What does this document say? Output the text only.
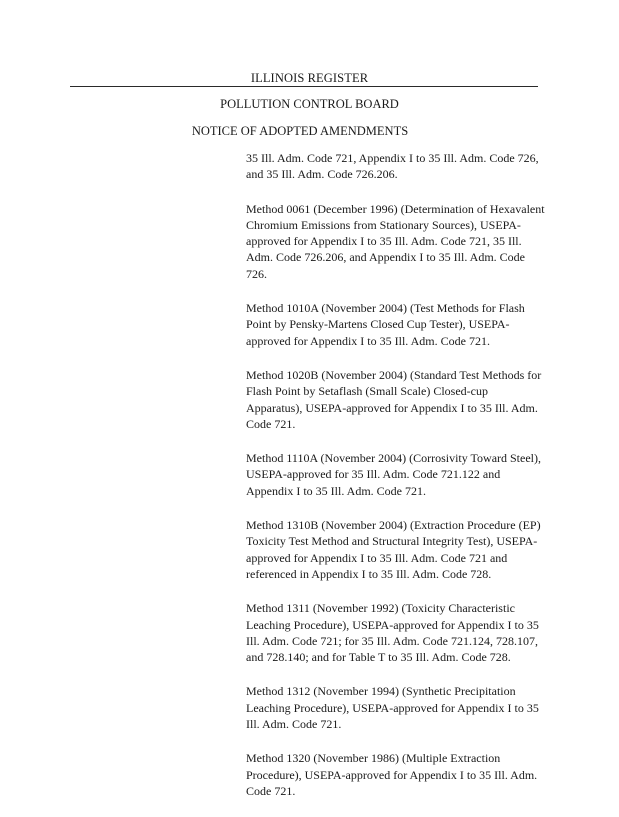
ILLINOIS REGISTER
POLLUTION CONTROL BOARD
NOTICE OF ADOPTED AMENDMENTS
35 Ill. Adm. Code 721, Appendix I to 35 Ill. Adm. Code 726, and 35 Ill. Adm. Code 726.206.
Method 0061 (December 1996) (Determination of Hexavalent Chromium Emissions from Stationary Sources), USEPA-approved for Appendix I to 35 Ill. Adm. Code 721, 35 Ill. Adm. Code 726.206, and Appendix I to 35 Ill. Adm. Code 726.
Method 1010A (November 2004) (Test Methods for Flash Point by Pensky-Martens Closed Cup Tester), USEPA-approved for Appendix I to 35 Ill. Adm. Code 721.
Method 1020B (November 2004) (Standard Test Methods for Flash Point by Setaflash (Small Scale) Closed-cup Apparatus), USEPA-approved for Appendix I to 35 Ill. Adm. Code 721.
Method 1110A (November 2004) (Corrosivity Toward Steel), USEPA-approved for 35 Ill. Adm. Code 721.122 and Appendix I to 35 Ill. Adm. Code 721.
Method 1310B (November 2004) (Extraction Procedure (EP) Toxicity Test Method and Structural Integrity Test), USEPA-approved for Appendix I to 35 Ill. Adm. Code 721 and referenced in Appendix I to 35 Ill. Adm. Code 728.
Method 1311 (November 1992) (Toxicity Characteristic Leaching Procedure), USEPA-approved for Appendix I to 35 Ill. Adm. Code 721; for 35 Ill. Adm. Code 721.124, 728.107, and 728.140; and for Table T to 35 Ill. Adm. Code 728.
Method 1312 (November 1994) (Synthetic Precipitation Leaching Procedure), USEPA-approved for Appendix I to 35 Ill. Adm. Code 721.
Method 1320 (November 1986) (Multiple Extraction Procedure), USEPA-approved for Appendix I to 35 Ill. Adm. Code 721.
